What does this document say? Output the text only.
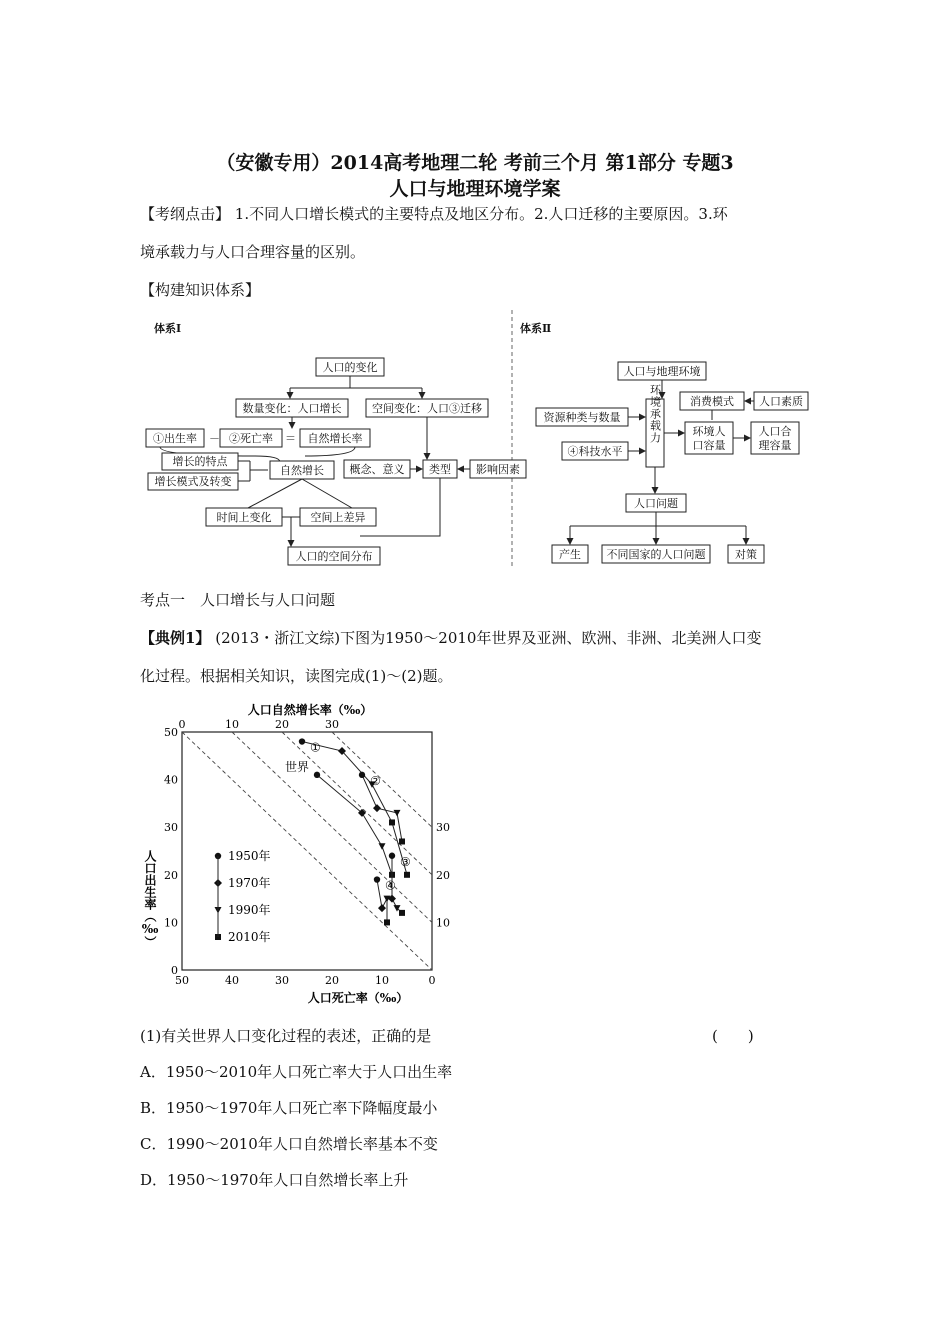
（安徽专用）2014高考地理二轮 考前三个月 第1部分 专题3
人口与地理环境学案
【考纲点击】 1.不同人口增长模式的主要特点及地区分布。2.人口迁移的主要原因。3.环
境承载力与人口合理容量的区别。
【构建知识体系】
体系Ⅰ
人口的变化
数量变化：人口增长	空间变化：人口③迁移
①出生率 － ②死亡率 ＝ 自然增长率
增长的特点
增长模式及转变
自然增长 概念、意义 类型 影响因素
时间上变化	空间上差异
人口的空间分布
体系Ⅱ
人口与地理环境
消费模式 人口素质
资源种类与数量
④科技水平
环境承载力	环境人
口容量
人口合
理容量
人口问题
产生 不同国家的人口问题	对策
考点一　人口增长与人口问题
【典例1】 (2013・浙江文综)下图为1950～2010年世界及亚洲、欧洲、非洲、北美洲人口变
化过程。根据相关知识，读图完成(1)～(2)题。
人口自然增长率（‰）
人口死亡率（‰）
人口出生率（‰）
50	40	30	20	10	0
50
40
30
20
10
0
0	10	20	30
30
20
10
①
世界
②
③
④
1950年
1970年
1990年
2010年
(1)有关世界人口变化过程的表述，正确的是	(　　)
A．1950～2010年人口死亡率大于人口出生率
B．1950～1970年人口死亡率下降幅度最小
C．1990～2010年人口自然增长率基本不变
D．1950～1970年人口自然增长率上升
